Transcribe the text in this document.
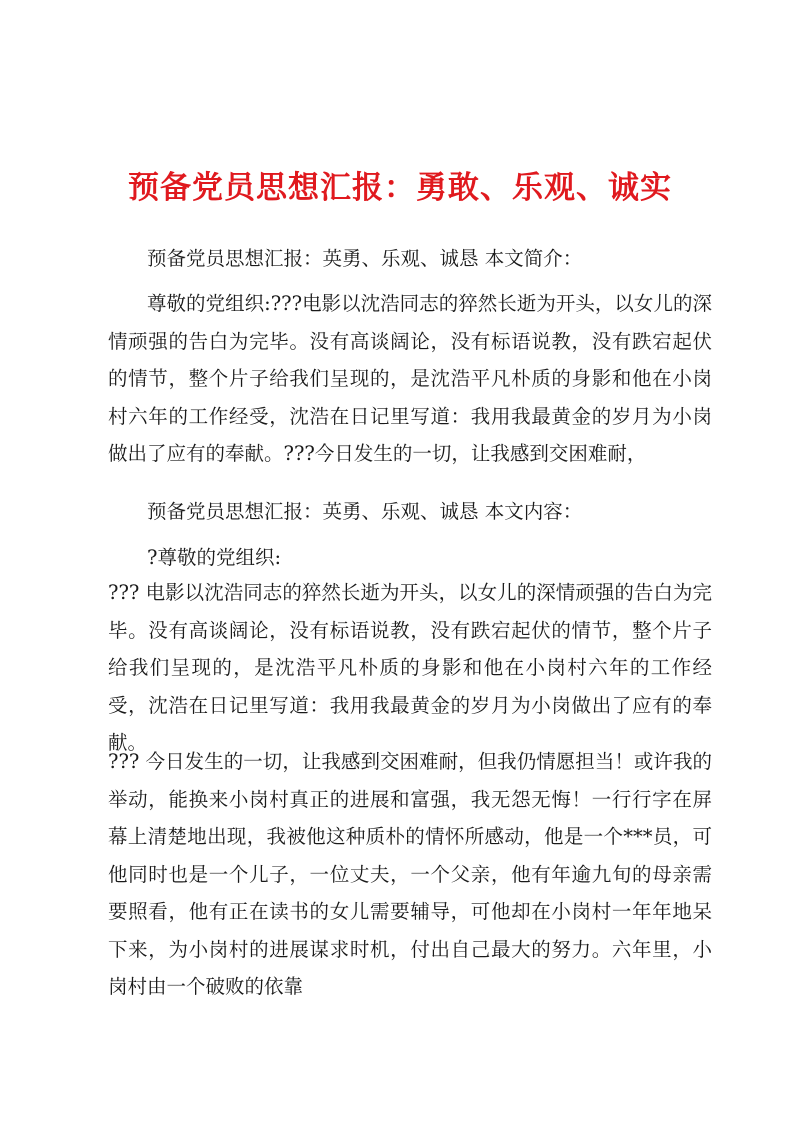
预备党员思想汇报：勇敢、乐观、诚实
预备党员思想汇报：英勇、乐观、诚恳 本文简介：
尊敬的党组织:???电影以沈浩同志的猝然长逝为开头，以女儿的深情顽强的告白为完毕。没有高谈阔论，没有标语说教，没有跌宕起伏的情节，整个片子给我们呈现的，是沈浩平凡朴质的身影和他在小岗村六年的工作经受，沈浩在日记里写道：我用我最黄金的岁月为小岗做出了应有的奉献。???今日发生的一切，让我感到交困难耐，
预备党员思想汇报：英勇、乐观、诚恳 本文内容：
?尊敬的党组织:
??? 电影以沈浩同志的猝然长逝为开头，以女儿的深情顽强的告白为完毕。没有高谈阔论，没有标语说教，没有跌宕起伏的情节，整个片子给我们呈现的，是沈浩平凡朴质的身影和他在小岗村六年的工作经受，沈浩在日记里写道：我用我最黄金的岁月为小岗做出了应有的奉献。
??? 今日发生的一切，让我感到交困难耐，但我仍情愿担当！或许我的举动，能换来小岗村真正的进展和富强，我无怨无悔！一行行字在屏幕上清楚地出现，我被他这种质朴的情怀所感动，他是一个***员，可他同时也是一个儿子，一位丈夫，一个父亲，他有年逾九旬的母亲需要照看，他有正在读书的女儿需要辅导，可他却在小岗村一年年地呆下来，为小岗村的进展谋求时机，付出自己最大的努力。六年里，小岗村由一个破败的依靠
